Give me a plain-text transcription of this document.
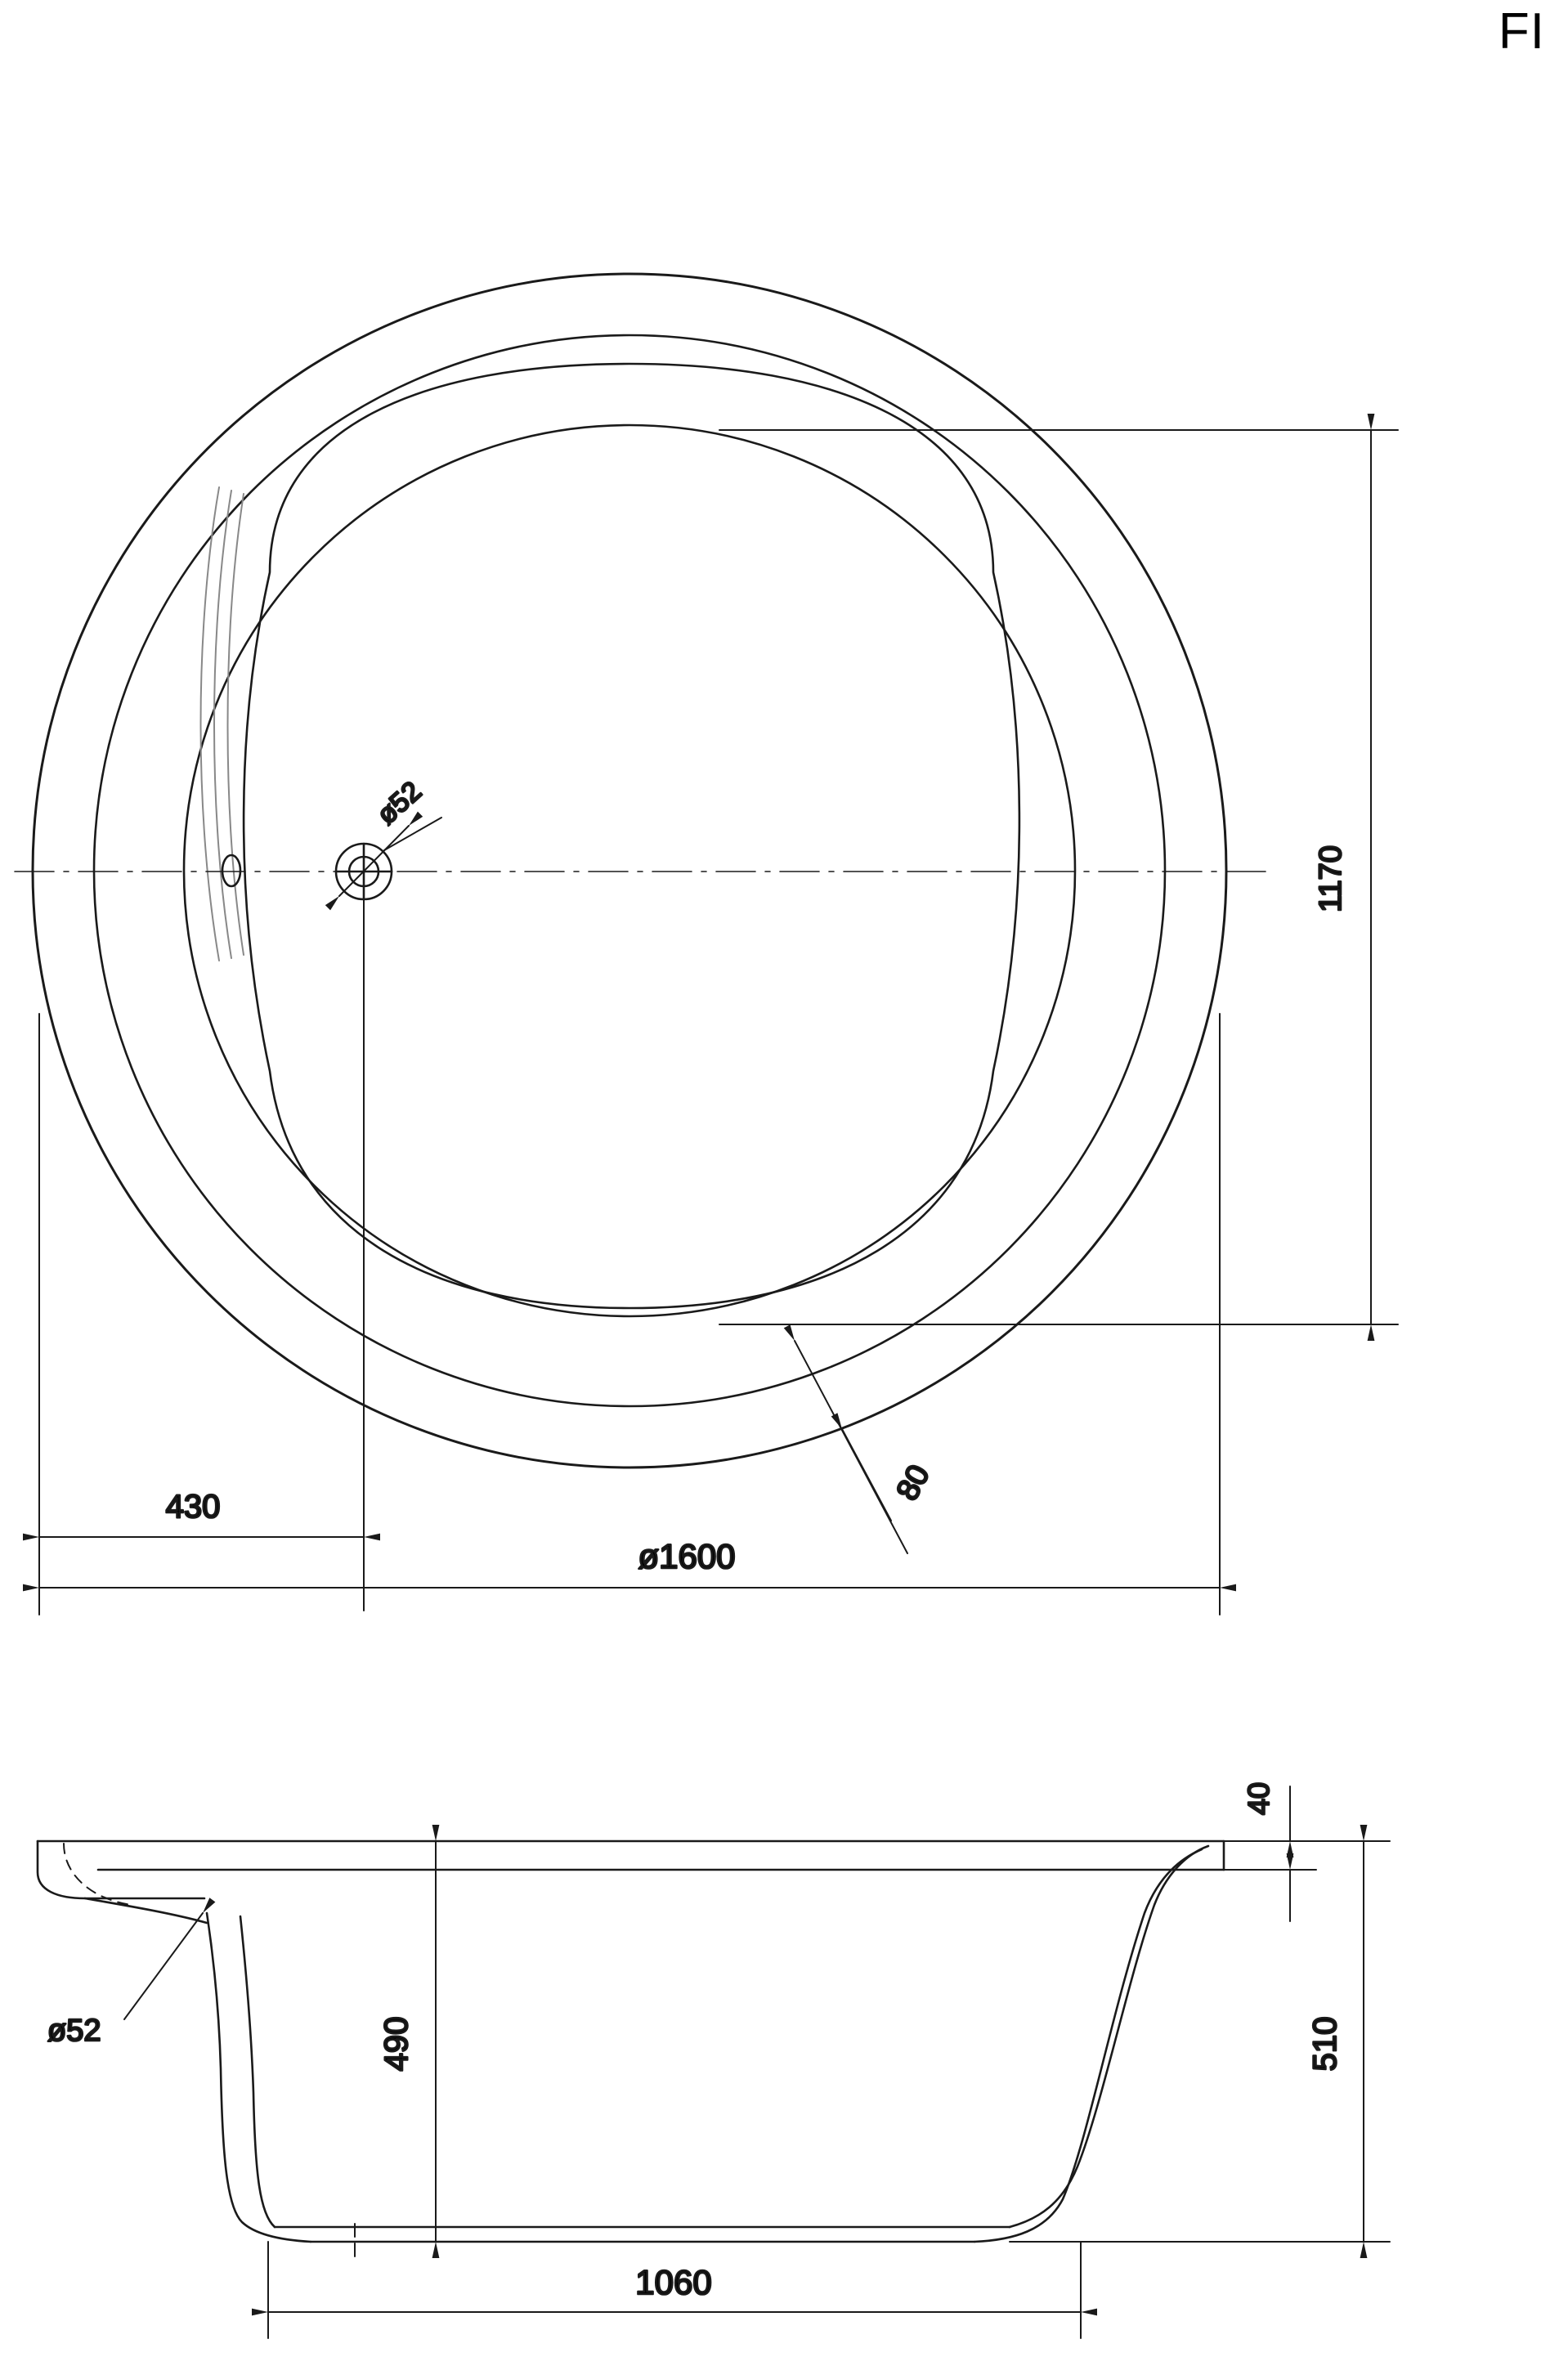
FI
ø52
1170
80
430
ø1600
ø52	490
40
510
1060
